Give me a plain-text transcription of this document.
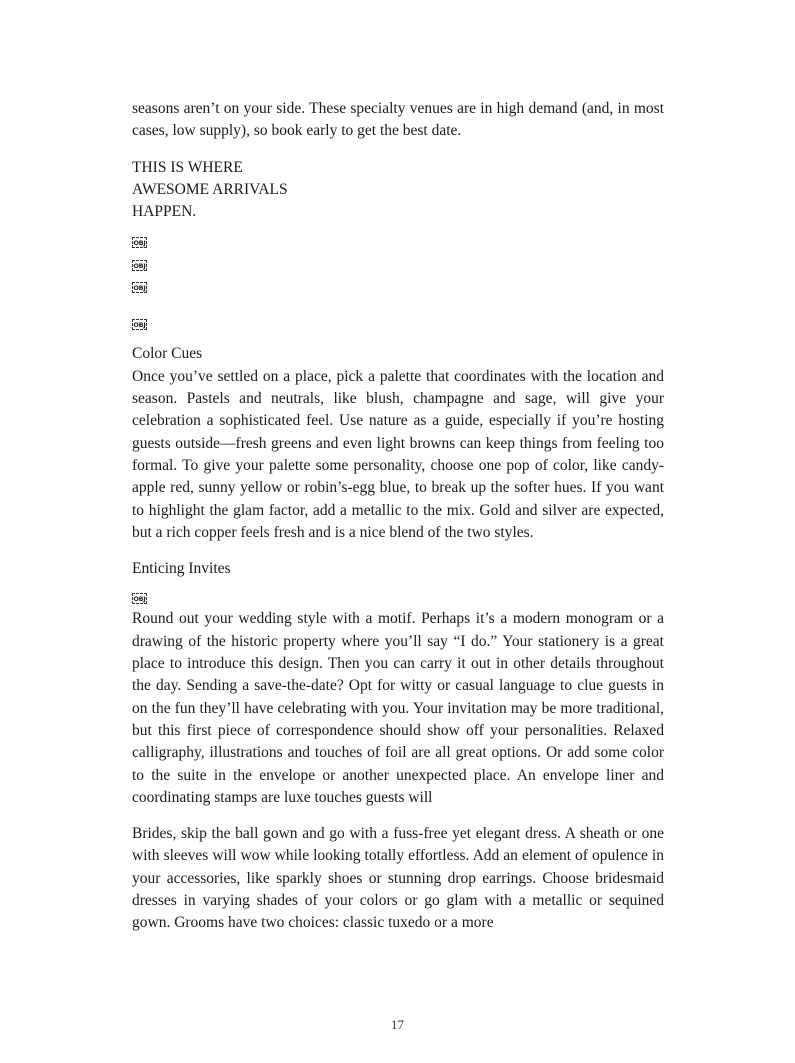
seasons aren’t on your side. These specialty venues are in high demand (and, in most cases, low supply), so book early to get the best date.

THIS IS WHERE

AWESOME ARRIVALS

HAPPEN.

OBJ
OBJ
OBJ
OBJ

Color Cues

Once you’ve settled on a place, pick a palette that coordinates with the location and season. Pastels and neutrals, like blush, champagne and sage, will give your celebration a sophisticated feel. Use nature as a guide, especially if you’re hosting guests outside—fresh greens and even light browns can keep things from feeling too formal. To give your palette some personality, choose one pop of color, like candy-apple red, sunny yellow or robin’s-egg blue, to break up the softer hues. If you want to highlight the glam factor, add a metallic to the mix. Gold and silver are expected, but a rich copper feels fresh and is a nice blend of the two styles.

Enticing Invites

OBJ

Round out your wedding style with a motif. Perhaps it’s a modern monogram or a drawing of the historic property where you’ll say “I do.” Your stationery is a great place to introduce this design. Then you can carry it out in other details throughout the day. Sending a save-the-date? Opt for witty or casual language to clue guests in on the fun they’ll have celebrating with you. Your invitation may be more traditional, but this first piece of correspondence should show off your personalities. Relaxed calligraphy, illustrations and touches of foil are all great options. Or add some color to the suite in the envelope or another unexpected place. An envelope liner and coordinating stamps are luxe touches guests will

Brides, skip the ball gown and go with a fuss-free yet elegant dress. A sheath or one with sleeves will wow while looking totally effortless. Add an element of opulence in your accessories, like sparkly shoes or stunning drop earrings. Choose bridesmaid dresses in varying shades of your colors or go glam with a metallic or sequined gown. Grooms have two choices: classic tuxedo or a more

17
